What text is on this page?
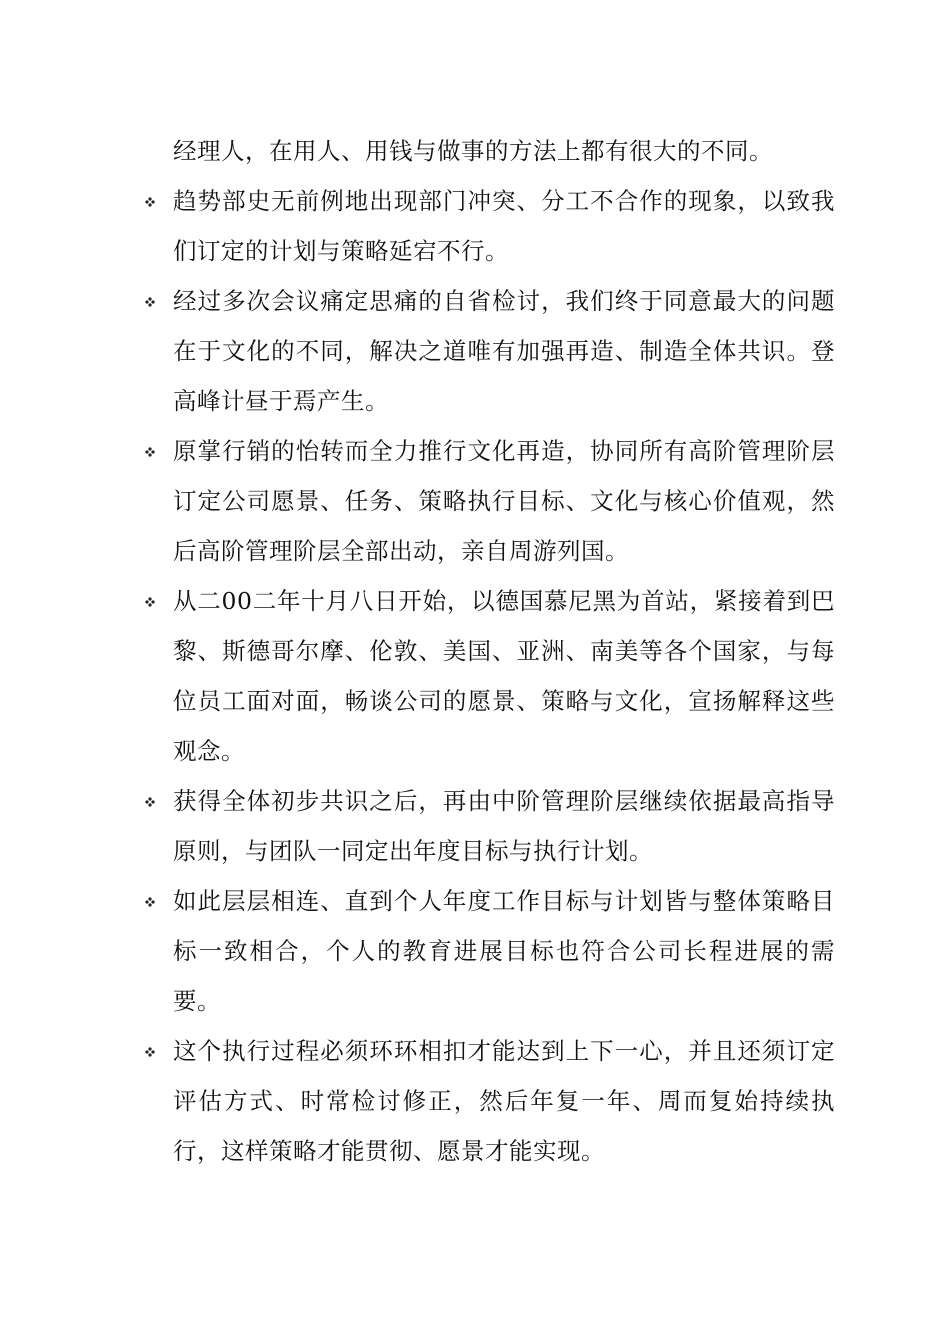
经理人，在用人、用钱与做事的方法上都有很大的不同。

趋势部史无前例地出现部门冲突、分工不合作的现象，以致我们订定的计划与策略延宕不行。
经过多次会议痛定思痛的自省检讨，我们终于同意最大的问题在于文化的不同，解决之道唯有加强再造、制造全体共识。登高峰计昼于焉产生。
原掌行销的怡转而全力推行文化再造，协同所有高阶管理阶层订定公司愿景、任务、策略执行目标、文化与核心价值观，然后高阶管理阶层全部出动，亲自周游列国。
从二00二年十月八日开始，以德国慕尼黑为首站，紧接着到巴黎、斯德哥尔摩、伦敦、美国、亚洲、南美等各个国家，与每位员工面对面，畅谈公司的愿景、策略与文化，宣扬解释这些观念。
获得全体初步共识之后，再由中阶管理阶层继续依据最高指导原则，与团队一同定出年度目标与执行计划。
如此层层相连、直到个人年度工作目标与计划皆与整体策略目标一致相合，个人的教育进展目标也符合公司长程进展的需要。
这个执行过程必须环环相扣才能达到上下一心，并且还须订定评估方式、时常检讨修正，然后年复一年、周而复始持续执行，这样策略才能贯彻、愿景才能实现。
